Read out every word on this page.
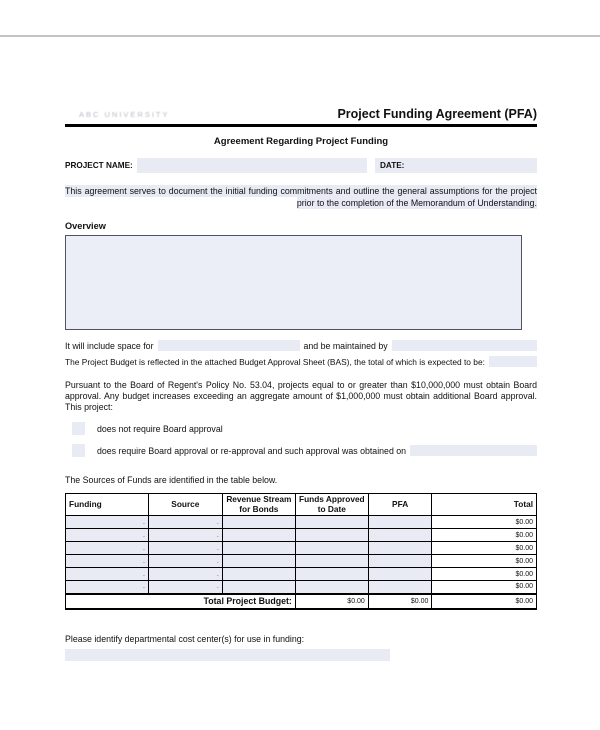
ABC UNIVERSITY	Project Funding Agreement (PFA)
Agreement Regarding Project Funding
PROJECT NAME:	DATE:

This agreement serves to document the initial funding commitments and outline the general assumptions for the project prior to the completion of the Memorandum of Understanding.

Overview
It will include space for	and be maintained by
The Project Budget is reflected in the attached Budget Approval Sheet (BAS), the total of which is expected to be:

Pursuant to the Board of Regent's Policy No. 53.04, projects equal to or greater than $10,000,000 must obtain Board approval. Any budget increases exceeding an aggregate amount of $1,000,000 must obtain additional Board approval. This project:

does not require Board approval
does require Board approval or re-approval and such approval was obtained on

The Sources of Funds are identified in the table below.

Funding	Source	Revenue Stream for Bonds	Funds Approved to Date	PFA	Total
.	.				$0.00
.	.				$0.00
.	.				$0.00
.	.				$0.00
.	.				$0.00
.	.				$0.00
Total Project Budget:			$0.00	$0.00	$0.00

Please identify departmental cost center(s) for use in funding:
